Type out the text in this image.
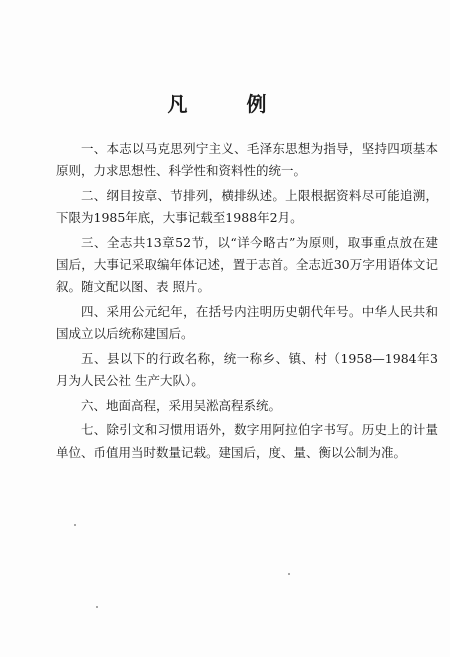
凡 例

一、本志以马克思列宁主义、毛泽东思想为指导，坚持四项基本原则，力求思想性、科学性和资料性的统一。

二、纲目按章、节排列，横排纵述。上限根据资料尽可能追溯，下限为1985年底，大事记载至1988年2月。

三、全志共13章52节，以“详今略古”为原则，取事重点放在建国后，大事记采取编年体记述，置于志首。全志近30万字用语体文记叙。随文配以图、表 照片。

四、采用公元纪年，在括号内注明历史朝代年号。中华人民共和国成立以后统称建国后。

五、县以下的行政名称，统一称乡、镇、村（1958—1984年3月为人民公社 生产大队）。

六、地面高程，采用吴淞高程系统。

七、除引文和习惯用语外，数字用阿拉伯字书写。历史上的计量单位、币值用当时数量记载。建国后，度、量、衡以公制为准。
